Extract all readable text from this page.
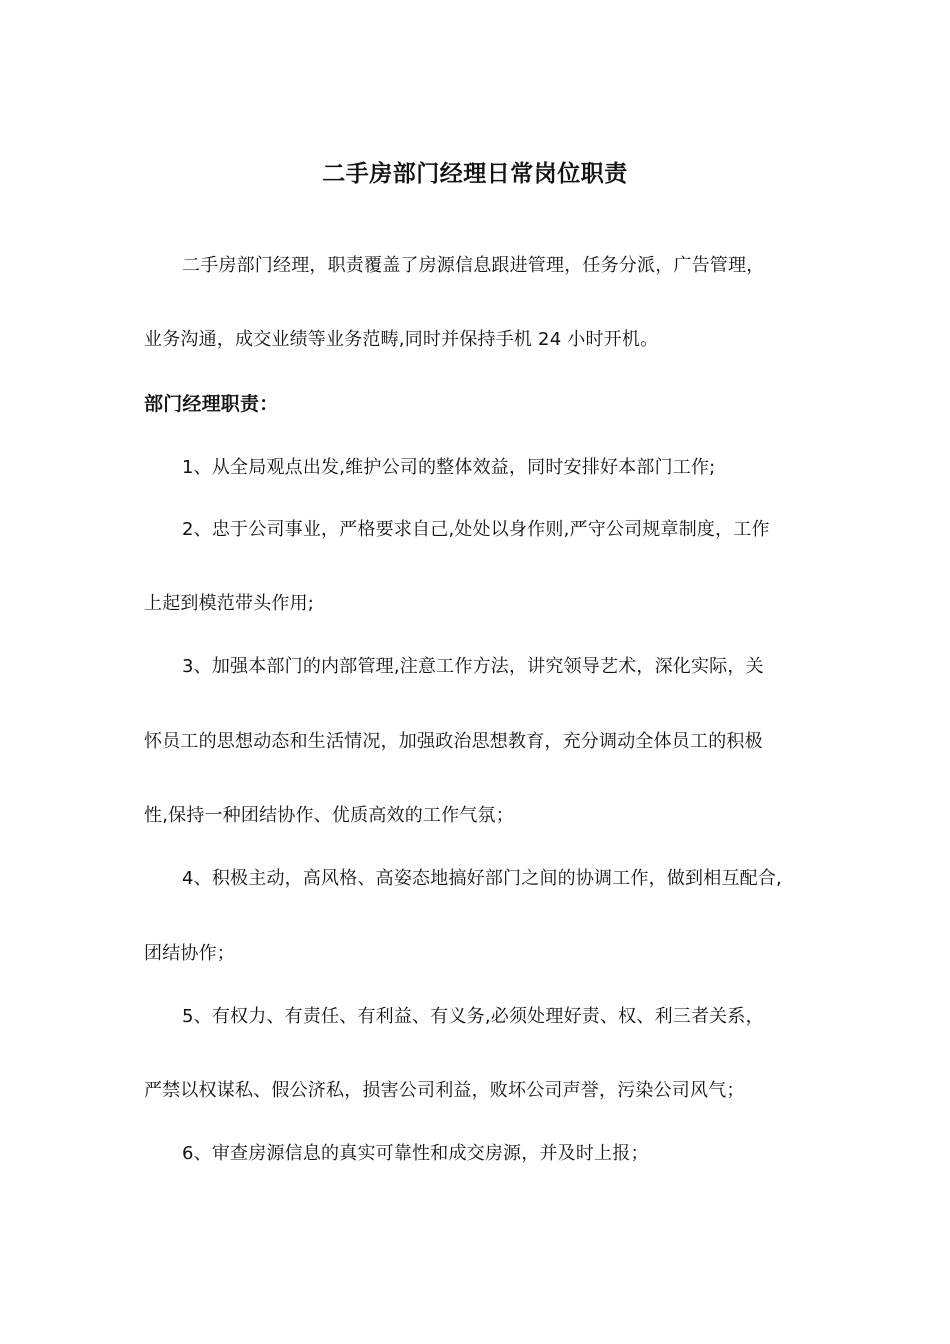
二手房部门经理日常岗位职责
二手房部门经理，职责覆盖了房源信息跟进管理，任务分派，广告管理，
业务沟通，成交业绩等业务范畴,同时并保持手机 24 小时开机。
部门经理职责：
1、从全局观点出发,维护公司的整体效益，同时安排好本部门工作;
2、忠于公司事业，严格要求自己,处处以身作则,严守公司规章制度，工作
上起到模范带头作用;
3、加强本部门的内部管理,注意工作方法，讲究领导艺术，深化实际，关
怀员工的思想动态和生活情况，加强政治思想教育，充分调动全体员工的积极
性,保持一种团结协作、优质高效的工作气氛；
4、积极主动，高风格、高姿态地搞好部门之间的协调工作，做到相互配合,
团结协作；
5、有权力、有责任、有利益、有义务,必须处理好责、权、利三者关系，
严禁以权谋私、假公济私，损害公司利益，败坏公司声誉，污染公司风气；
6、审查房源信息的真实可靠性和成交房源，并及时上报；
